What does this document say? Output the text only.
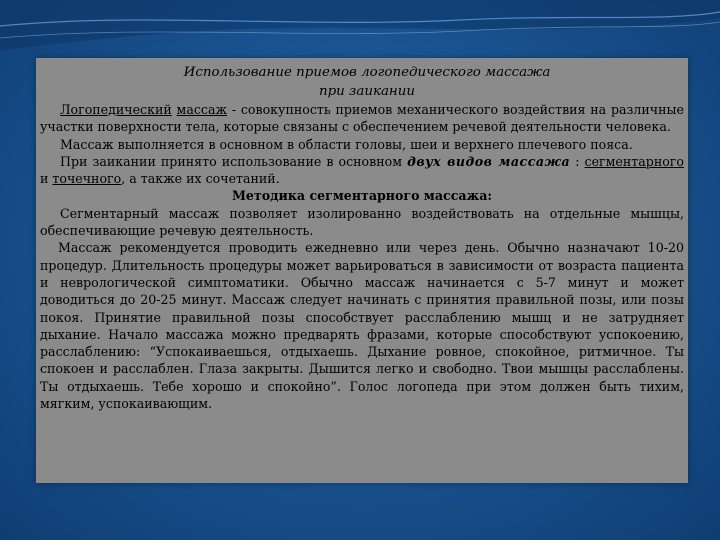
Использование приемов логопедического массажа

при заикании

Логопедический массаж - совокупность приемов механического воздействия на различные участки поверхности тела, которые связаны с обеспечением речевой деятельности человека.

Массаж выполняется в основном в области головы, шеи и верхнего плечевого пояса.

При заикании принято использование в основном двух видов массажа : сегментарного и точечного, а также их сочетаний.

Методика сегментарного массажа:

Сегментарный массаж позволяет изолированно воздействовать на отдельные мышцы, обеспечивающие речевую деятельность.

Массаж рекомендуется проводить ежедневно или через день. Обычно назначают 10-20 процедур. Длительность процедуры может варьироваться в зависимости от возраста пациента и неврологической симптоматики. Обычно массаж начинается с 5-7 минут и может доводиться до 20-25 минут. Массаж следует начинать с принятия правильной позы, или позы покоя. Принятие правильной позы способствует расслаблению мышц и не затрудняет дыхание. Начало массажа можно предварять фразами, которые способствуют успокоению, расслаблению: “Успокаиваешься, отдыхаешь. Дыхание ровное, спокойное, ритмичное. Ты спокоен и расслаблен. Глаза закрыты. Дышится легко и свободно. Твои мышцы расслаблены. Ты отдыхаешь. Тебе хорошо и спокойно”. Голос логопеда при этом должен быть тихим, мягким, успокаивающим.
